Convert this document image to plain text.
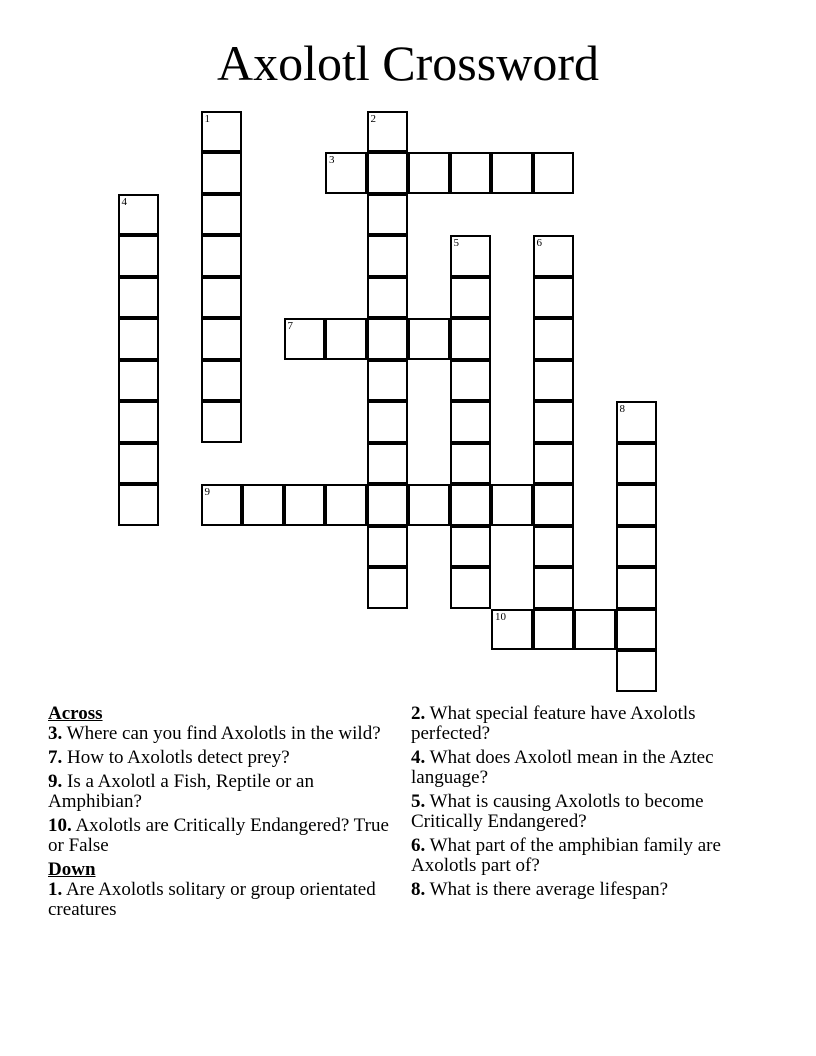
Axolotl Crossword
1	2
3
4
5	6
7
8
9
10
Across
3. Where can you find Axolotls in the wild?
7. How to Axolotls detect prey?
9. Is a Axolotl a Fish, Reptile or an Amphibian?
10. Axolotls are Critically Endangered? True or False
Down
1. Are Axolotls solitary or group orientated creatures
2. What special feature have Axolotls perfected?
4. What does Axolotl mean in the Aztec language?
5. What is causing Axolotls to become Critically Endangered?
6. What part of the amphibian family are Axolotls part of?
8. What is there average lifespan?
